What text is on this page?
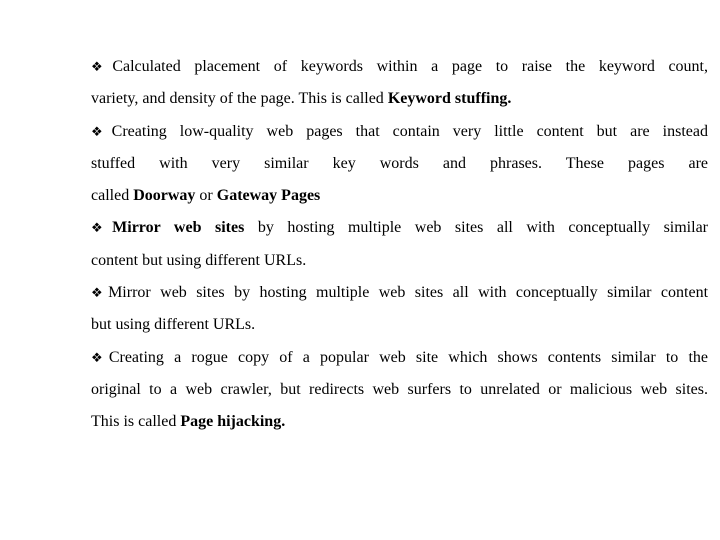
❖Calculated placement of keywords within a page to raise the keyword count,
variety, and density of the page. This is called Keyword stuffing.
❖Creating low-quality web pages that contain very little content but are instead
stuffed with very similar key words and phrases. These pages are
called Doorway or Gateway Pages
❖Mirror web sites by hosting multiple web sites all with conceptually similar
content but using different URLs.
❖Mirror web sites by hosting multiple web sites all with conceptually similar content
but using different URLs.
❖Creating a rogue copy of a popular web site which shows contents similar to the
original to a web crawler, but redirects web surfers to unrelated or malicious web sites.
This is called Page hijacking.
